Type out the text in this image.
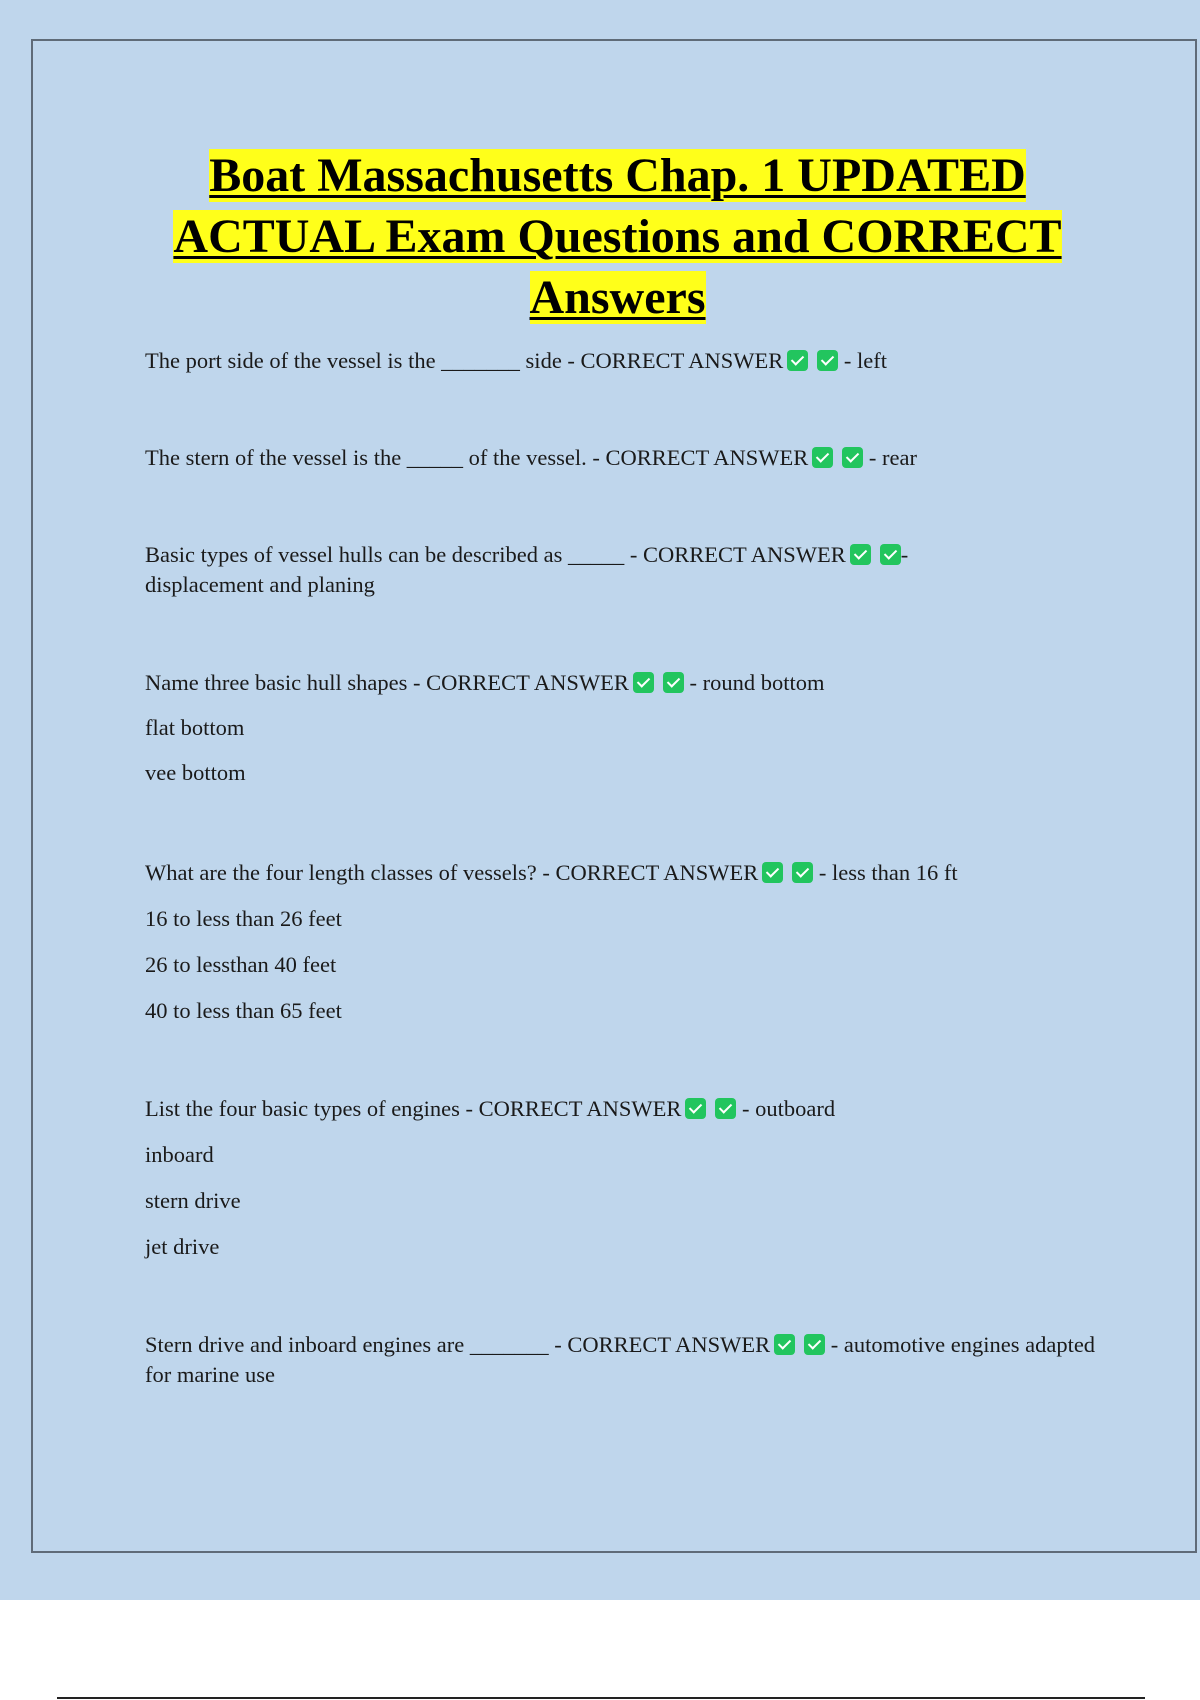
Boat Massachusetts Chap. 1 UPDATED
ACTUAL Exam Questions and CORRECT
Answers

The port side of the vessel is the _______ side - CORRECT ANSWER	- left

The stern of the vessel is the _____ of the vessel. - CORRECT ANSWER	- rear

Basic types of vessel hulls can be described as _____ - CORRECT ANSWER - displacement and planing

Name three basic hull shapes - CORRECT ANSWER	- round bottom

flat bottom

vee bottom

What are the four length classes of vessels? - CORRECT ANSWER	- less than 16 ft

16 to less than 26 feet

26 to lessthan 40 feet

40 to less than 65 feet

List the four basic types of engines - CORRECT ANSWER	- outboard

inboard

stern drive

jet drive

Stern drive and inboard engines are _______ - CORRECT ANSWER	- automotive engines adapted for marine use
